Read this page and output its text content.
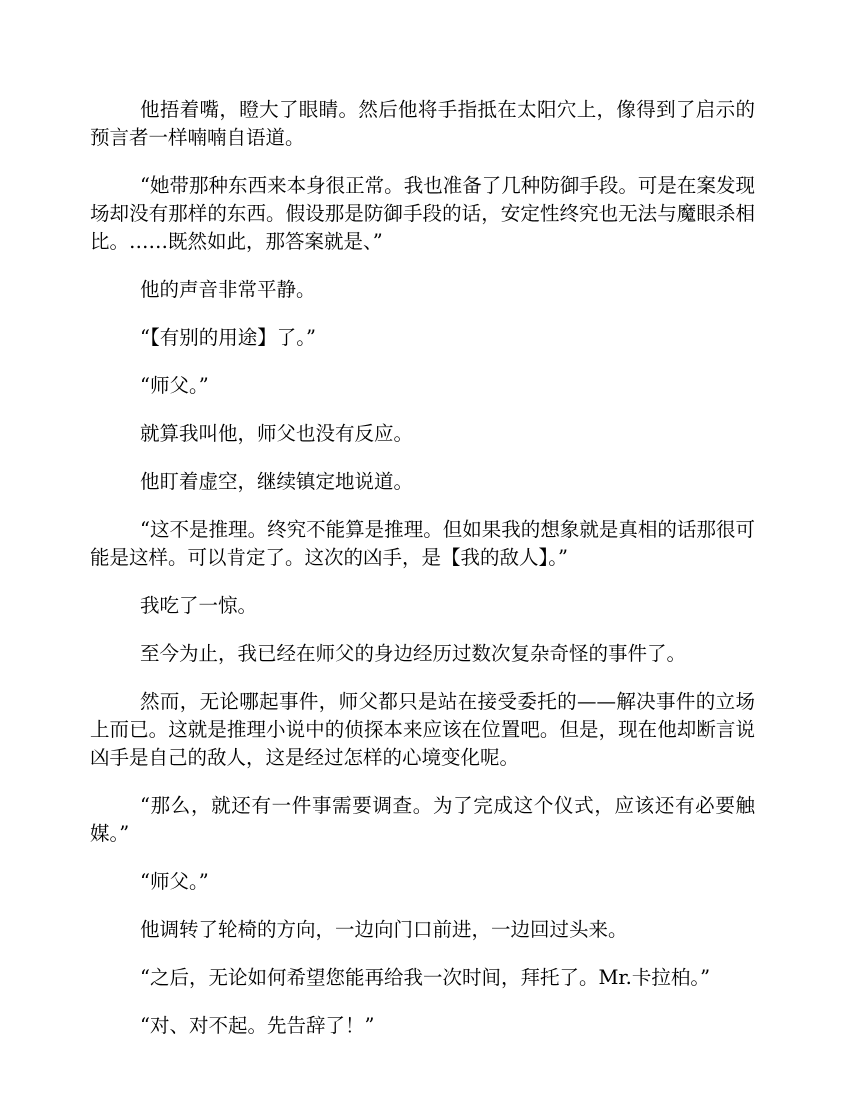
他捂着嘴，瞪大了眼睛。然后他将手指抵在太阳穴上，像得到了启示的预言者一样喃喃自语道。

“她带那种东西来本身很正常。我也准备了几种防御手段。可是在案发现场却没有那样的东西。假设那是防御手段的话，安定性终究也无法与魔眼杀相比。……既然如此，那答案就是、”

他的声音非常平静。

“【有别的用途】了。”

“师父。”

就算我叫他，师父也没有反应。

他盯着虚空，继续镇定地说道。

“这不是推理。终究不能算是推理。但如果我的想象就是真相的话那很可能是这样。可以肯定了。这次的凶手，是【我的敌人】。”

我吃了一惊。

至今为止，我已经在师父的身边经历过数次复杂奇怪的事件了。

然而，无论哪起事件，师父都只是站在接受委托的——解决事件的立场上而已。这就是推理小说中的侦探本来应该在位置吧。但是，现在他却断言说凶手是自己的敌人，这是经过怎样的心境变化呢。

“那么，就还有一件事需要调查。为了完成这个仪式，应该还有必要触媒。”

“师父。”

他调转了轮椅的方向，一边向门口前进，一边回过头来。

“之后，无论如何希望您能再给我一次时间，拜托了。Mr.卡拉柏。”

“对、对不起。先告辞了！”
